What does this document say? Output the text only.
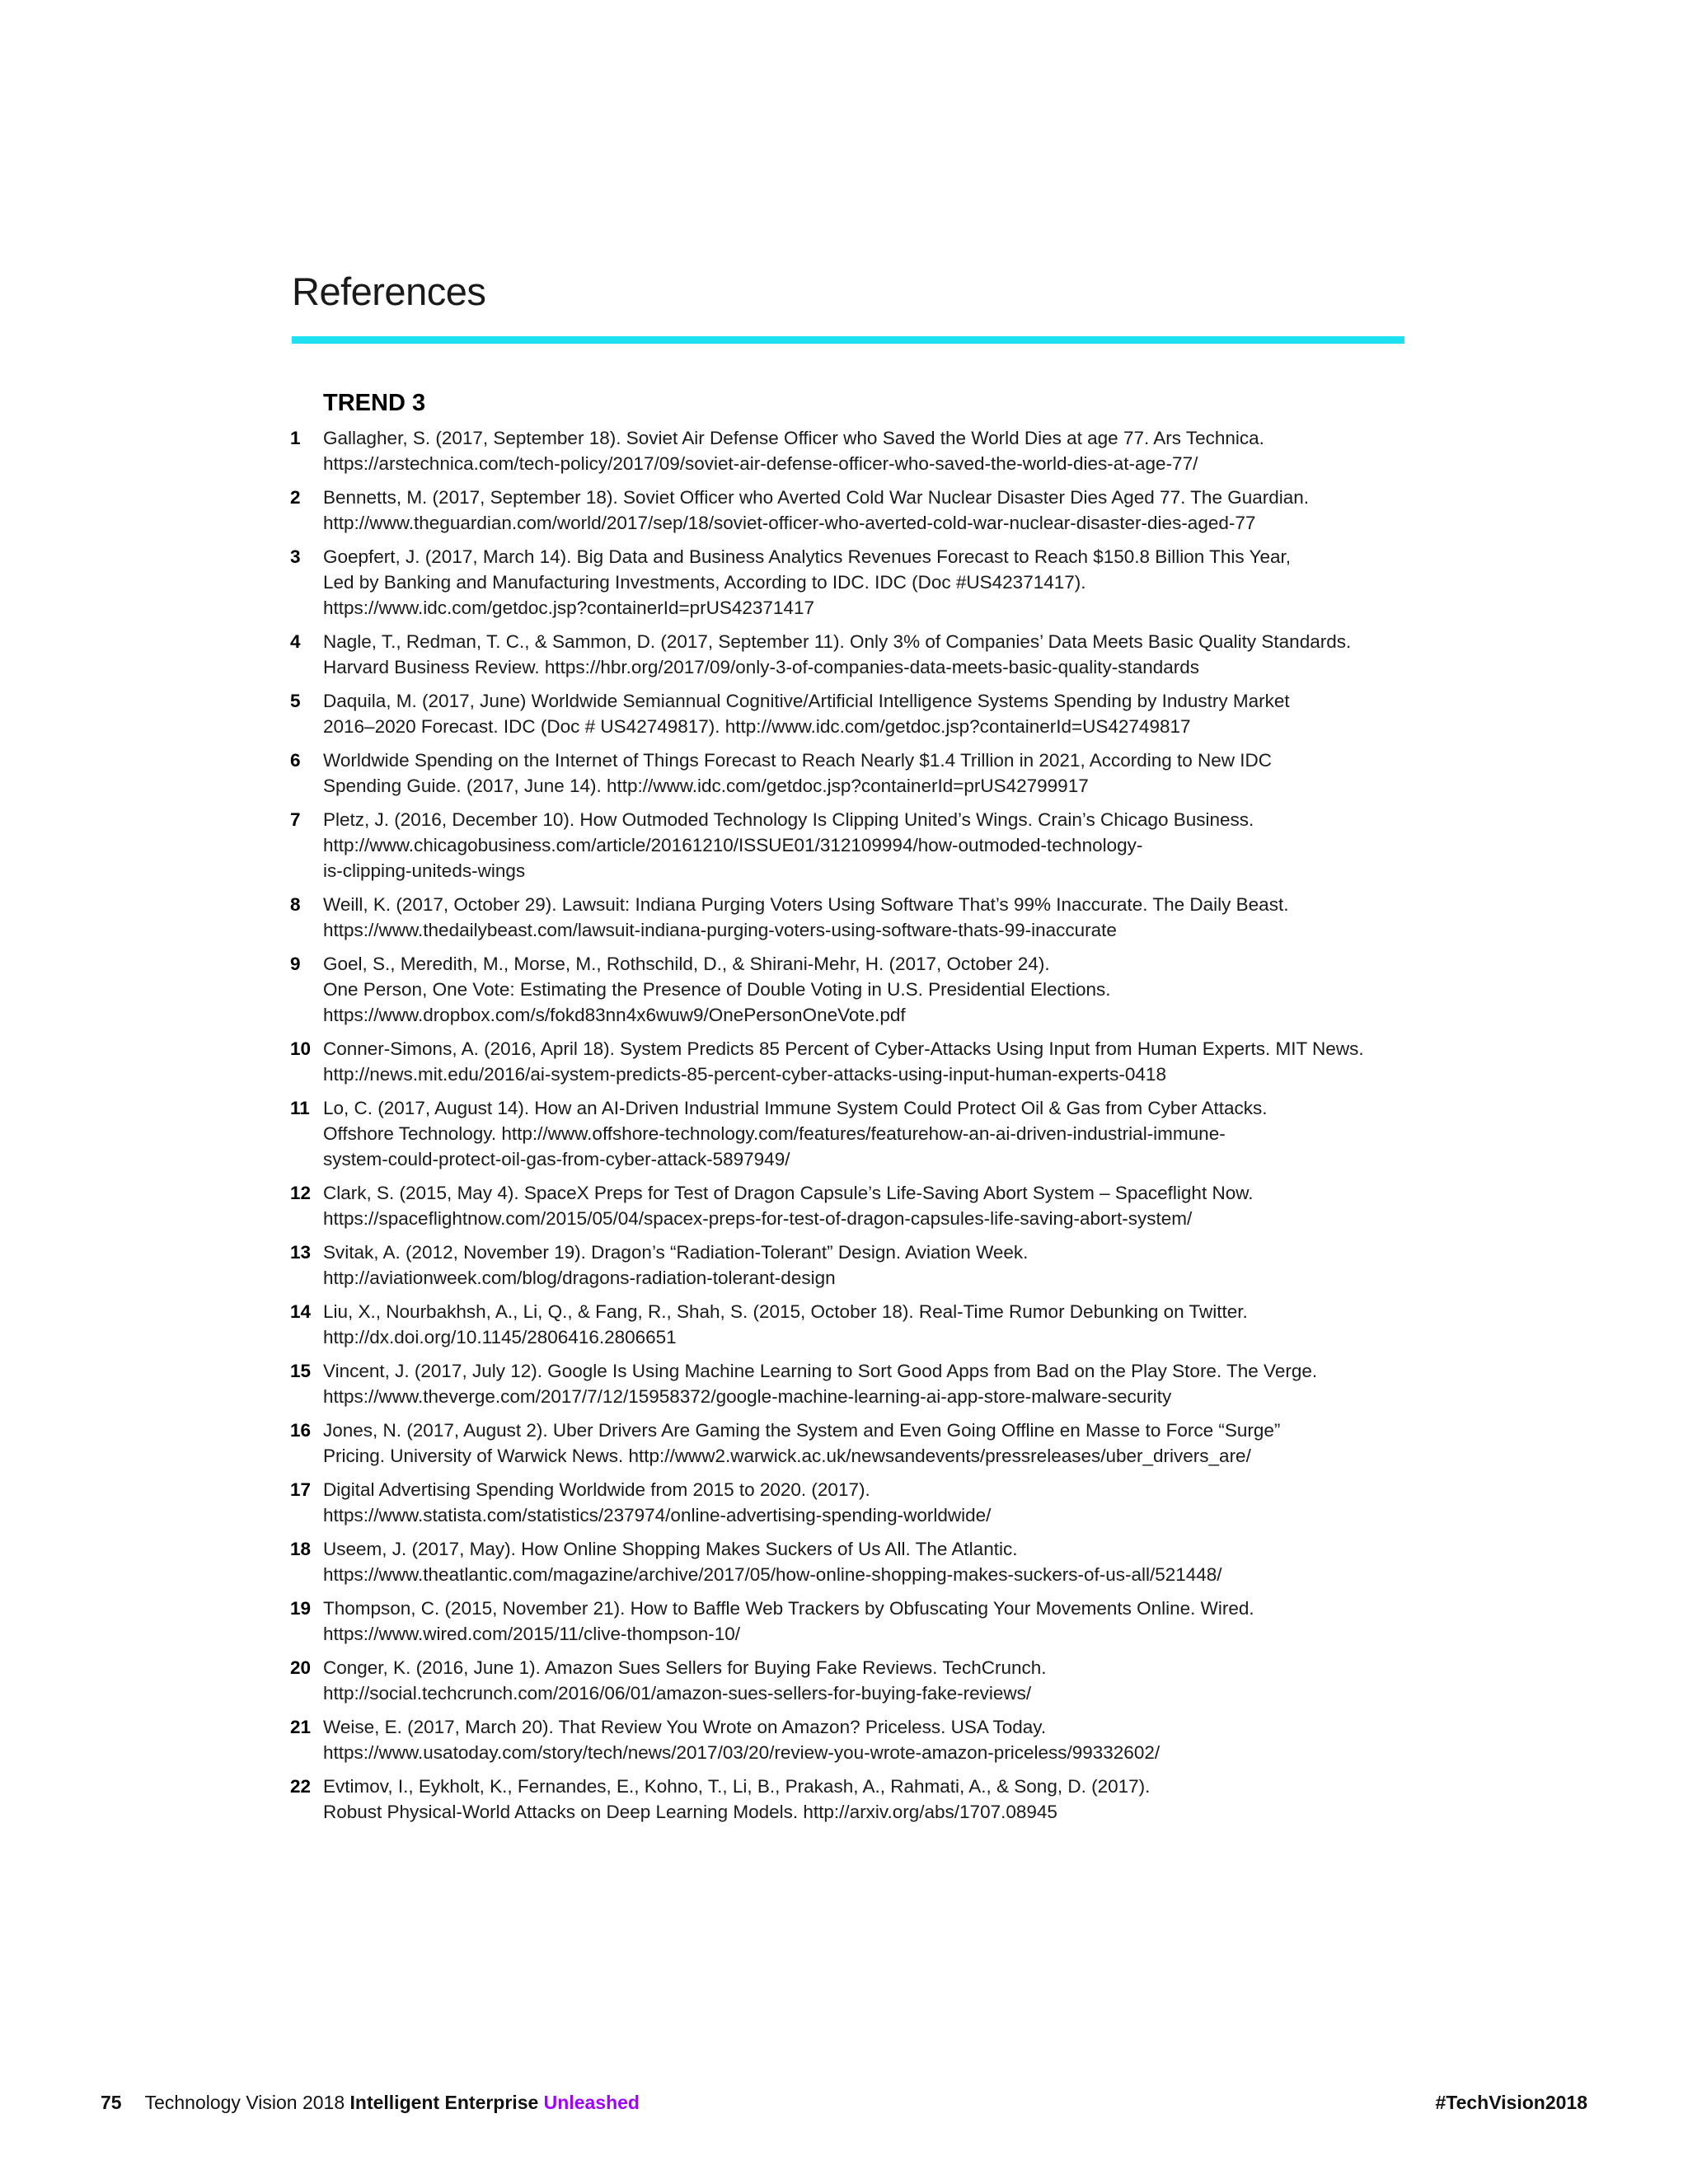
References
TREND 3
1	Gallagher, S. (2017, September 18). Soviet Air Defense Officer who Saved the World Dies at age 77. Ars Technica.
https://arstechnica.com/tech-policy/2017/09/soviet-air-defense-officer-who-saved-the-world-dies-at-age-77/
2	Bennetts, M. (2017, September 18). Soviet Officer who Averted Cold War Nuclear Disaster Dies Aged 77. The Guardian.
http://www.theguardian.com/world/2017/sep/18/soviet-officer-who-averted-cold-war-nuclear-disaster-dies-aged-77
3	Goepfert, J. (2017, March 14). Big Data and Business Analytics Revenues Forecast to Reach $150.8 Billion This Year,
Led by Banking and Manufacturing Investments, According to IDC. IDC (Doc #US42371417).
https://www.idc.com/getdoc.jsp?containerId=prUS42371417
4	Nagle, T., Redman, T. C., & Sammon, D. (2017, September 11). Only 3% of Companies’ Data Meets Basic Quality Standards.
Harvard Business Review. https://hbr.org/2017/09/only-3-of-companies-data-meets-basic-quality-standards
5	Daquila, M. (2017, June) Worldwide Semiannual Cognitive/Artificial Intelligence Systems Spending by Industry Market
2016–2020 Forecast. IDC (Doc # US42749817). http://www.idc.com/getdoc.jsp?containerId=US42749817
6	Worldwide Spending on the Internet of Things Forecast to Reach Nearly $1.4 Trillion in 2021, According to New IDC
Spending Guide. (2017, June 14). http://www.idc.com/getdoc.jsp?containerId=prUS42799917
7	Pletz, J. (2016, December 10). How Outmoded Technology Is Clipping United’s Wings. Crain’s Chicago Business.
http://www.chicagobusiness.com/article/20161210/ISSUE01/312109994/how-outmoded-technology-
is-clipping-uniteds-wings
8	Weill, K. (2017, October 29). Lawsuit: Indiana Purging Voters Using Software That’s 99% Inaccurate. The Daily Beast.
https://www.thedailybeast.com/lawsuit-indiana-purging-voters-using-software-thats-99-inaccurate
9	Goel, S., Meredith, M., Morse, M., Rothschild, D., & Shirani-Mehr, H. (2017, October 24).
One Person, One Vote: Estimating the Presence of Double Voting in U.S. Presidential Elections.
https://www.dropbox.com/s/fokd83nn4x6wuw9/OnePersonOneVote.pdf
10 Conner-Simons, A. (2016, April 18). System Predicts 85 Percent of Cyber-Attacks Using Input from Human Experts. MIT News.
http://news.mit.edu/2016/ai-system-predicts-85-percent-cyber-attacks-using-input-human-experts-0418
11 Lo, C. (2017, August 14). How an AI-Driven Industrial Immune System Could Protect Oil & Gas from Cyber Attacks.
Offshore Technology. http://www.offshore-technology.com/features/featurehow-an-ai-driven-industrial-immune-
system-could-protect-oil-gas-from-cyber-attack-5897949/
12 Clark, S. (2015, May 4). SpaceX Preps for Test of Dragon Capsule’s Life-Saving Abort System – Spaceflight Now.
https://spaceflightnow.com/2015/05/04/spacex-preps-for-test-of-dragon-capsules-life-saving-abort-system/
13 Svitak, A. (2012, November 19). Dragon’s “Radiation-Tolerant” Design. Aviation Week.
http://aviationweek.com/blog/dragons-radiation-tolerant-design
14 Liu, X., Nourbakhsh, A., Li, Q., & Fang, R., Shah, S. (2015, October 18). Real-Time Rumor Debunking on Twitter.
http://dx.doi.org/10.1145/2806416.2806651
15 Vincent, J. (2017, July 12). Google Is Using Machine Learning to Sort Good Apps from Bad on the Play Store. The Verge.
https://www.theverge.com/2017/7/12/15958372/google-machine-learning-ai-app-store-malware-security
16 Jones, N. (2017, August 2). Uber Drivers Are Gaming the System and Even Going Offline en Masse to Force “Surge”
Pricing. University of Warwick News. http://www2.warwick.ac.uk/newsandevents/pressreleases/uber_drivers_are/
17 Digital Advertising Spending Worldwide from 2015 to 2020. (2017).
https://www.statista.com/statistics/237974/online-advertising-spending-worldwide/
18 Useem, J. (2017, May). How Online Shopping Makes Suckers of Us All. The Atlantic.
https://www.theatlantic.com/magazine/archive/2017/05/how-online-shopping-makes-suckers-of-us-all/521448/
19 Thompson, C. (2015, November 21). How to Baffle Web Trackers by Obfuscating Your Movements Online. Wired.
https://www.wired.com/2015/11/clive-thompson-10/
20 Conger, K. (2016, June 1). Amazon Sues Sellers for Buying Fake Reviews. TechCrunch.
http://social.techcrunch.com/2016/06/01/amazon-sues-sellers-for-buying-fake-reviews/
21 Weise, E. (2017, March 20). That Review You Wrote on Amazon? Priceless. USA Today.
https://www.usatoday.com/story/tech/news/2017/03/20/review-you-wrote-amazon-priceless/99332602/
22 Evtimov, I., Eykholt, K., Fernandes, E., Kohno, T., Li, B., Prakash, A., Rahmati, A., & Song, D. (2017).
Robust Physical-World Attacks on Deep Learning Models. http://arxiv.org/abs/1707.08945
75 Technology Vision 2018 Intelligent Enterprise Unleashed	#TechVision2018
